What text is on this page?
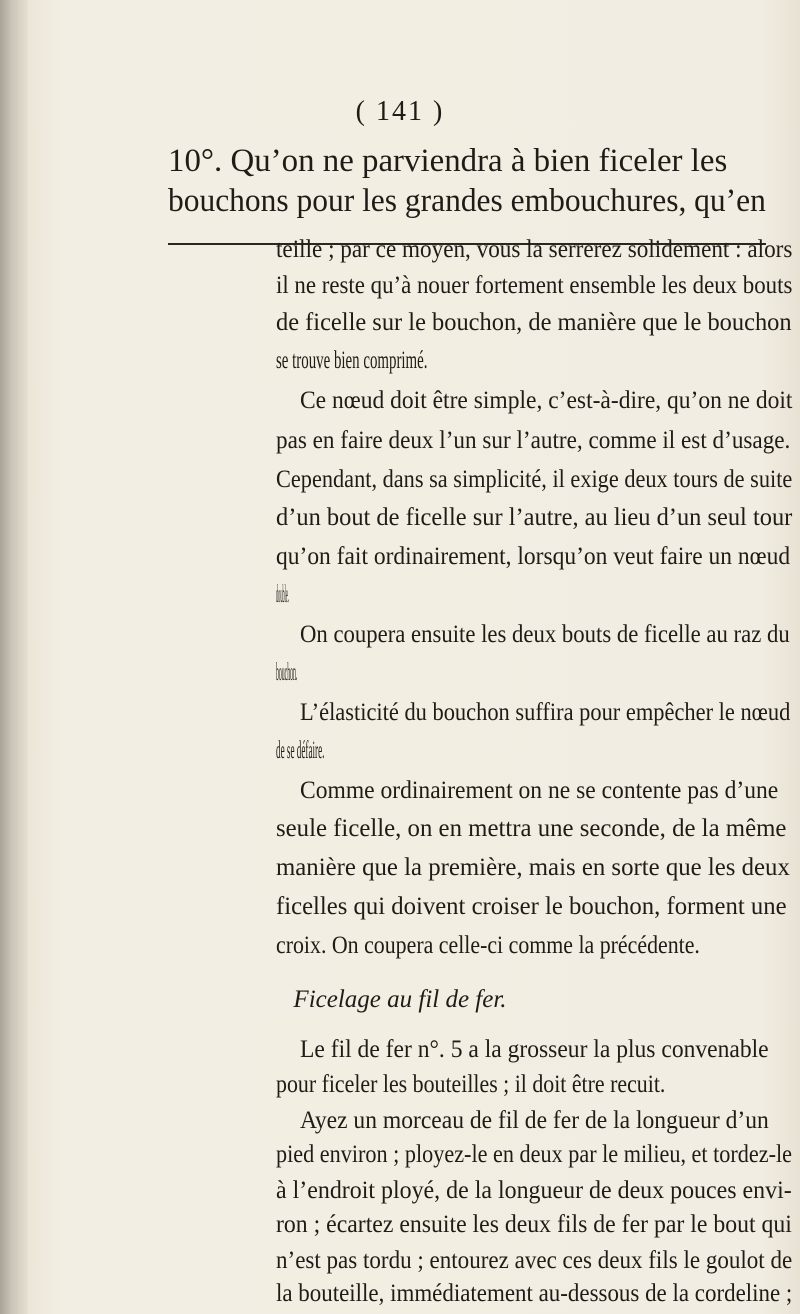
( 141 )
10°. Qu’on ne parviendra à bien ficeler les
bouchons pour les grandes embouchures, qu’en
teille ; par ce moyen, vous la serrerez solidement : alors
il ne reste qu’à nouer fortement ensemble les deux bouts
de ficelle sur le bouchon, de manière que le bouchon
se trouve bien comprimé.
Ce nœud doit être simple, c’est-à-dire, qu’on ne doit
pas en faire deux l’un sur l’autre, comme il est d’usage.
Cependant, dans sa simplicité, il exige deux tours de suite
d’un bout de ficelle sur l’autre, au lieu d’un seul tour
qu’on fait ordinairement, lorsqu’on veut faire un nœud
double.
On coupera ensuite les deux bouts de ficelle au raz du
bouchon.
L’élasticité du bouchon suffira pour empêcher le nœud
de se défaire.
Comme ordinairement on ne se contente pas d’une
seule ficelle, on en mettra une seconde, de la même
manière que la première, mais en sorte que les deux
ficelles qui doivent croiser le bouchon, forment une
croix. On coupera celle-ci comme la précédente.
Ficelage au fil de fer.
Le fil de fer n°. 5 a la grosseur la plus convenable
pour ficeler les bouteilles ; il doit être recuit.
Ayez un morceau de fil de fer de la longueur d’un
pied environ ; ployez-le en deux par le milieu, et tordez-le
à l’endroit ployé, de la longueur de deux pouces envi-
ron ; écartez ensuite les deux fils de fer par le bout qui
n’est pas tordu ; entourez avec ces deux fils le goulot de
la bouteille, immédiatement au-dessous de la cordeline ;
